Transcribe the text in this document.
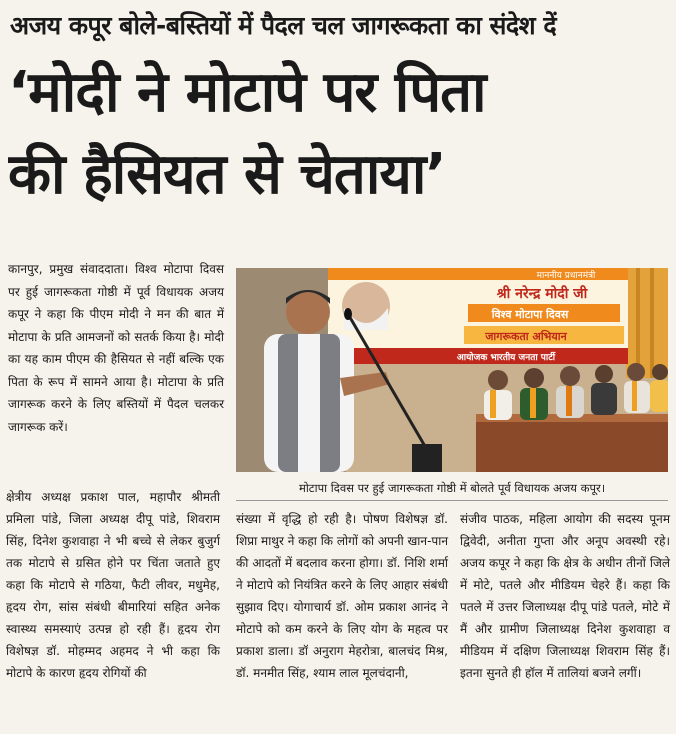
अजय कपूर बोले-बस्तियों में पैदल चल जागरूकता का संदेश दें
‘मोदी ने मोटापे पर पिता
की हैसियत से चेताया’

कानपुर, प्रमुख संवाददाता। विश्व मोटापा दिवस पर हुई जागरूकता गोष्ठी में पूर्व विधायक अजय कपूर ने कहा कि पीएम मोदी ने मन की बात में मोटापा के प्रति आमजनों को सतर्क किया है। मोदी का यह काम पीएम की हैसियत से नहीं बल्कि एक पिता के रूप में सामने आया है। मोटापा के प्रति जागरूक करने के लिए बस्तियों में पैदल चलकर जागरूक करें।

माननीय प्रधानमंत्री
श्री नरेन्द्र मोदी जी
विश्व मोटापा दिवस
जागरूकता अभियान
आयोजक भारतीय जनता पार्टी
मोटापा दिवस पर हुई जागरूकता गोष्ठी में बोलते पूर्व विधायक अजय कपूर।

क्षेत्रीय अध्यक्ष प्रकाश पाल, महापौर श्रीमती प्रमिला पांडे, जिला अध्यक्ष दीपू पांडे, शिवराम सिंह, दिनेश कुशवाहा ने भी बच्चे से लेकर बुजुर्ग तक मोटापे से ग्रसित होने पर चिंता जताते हुए कहा कि मोटापे से गठिया, फैटी लीवर, मधुमेह, हृदय रोग, सांस संबंधी बीमारियां सहित अनेक स्वास्थ्य समस्याएं उत्पन्न हो रही हैं। हृदय रोग विशेषज्ञ डॉ. मोहम्मद अहमद ने भी कहा कि मोटापे के कारण हृदय रोगियों की

संख्या में वृद्धि हो रही है। पोषण विशेषज्ञ डॉ. शिप्रा माथुर ने कहा कि लोगों को अपनी खान-पान की आदतों में बदलाव करना होगा। डॉ. निशि शर्मा ने मोटापे को नियंत्रित करने के लिए आहार संबंधी सुझाव दिए। योगाचार्य डॉ. ओम प्रकाश आनंद ने मोटापे को कम करने के लिए योग के महत्व पर प्रकाश डाला। डॉ अनुराग मेहरोत्रा, बालचंद मिश्र, डॉ. मनमीत सिंह, श्याम लाल मूलचंदानी,

संजीव पाठक, महिला आयोग की सदस्य पूनम द्विवेदी, अनीता गुप्ता और अनूप अवस्थी रहे। अजय कपूर ने कहा कि क्षेत्र के अधीन तीनों जिले में मोटे, पतले और मीडियम चेहरे हैं। कहा कि पतले में उत्तर जिलाध्यक्ष दीपू पांडे पतले, मोटे में मैं और ग्रामीण जिलाध्यक्ष दिनेश कुशवाहा व मीडियम में दक्षिण जिलाध्यक्ष शिवराम सिंह हैं। इतना सुनते ही हॉल में तालियां बजने लगीं।
